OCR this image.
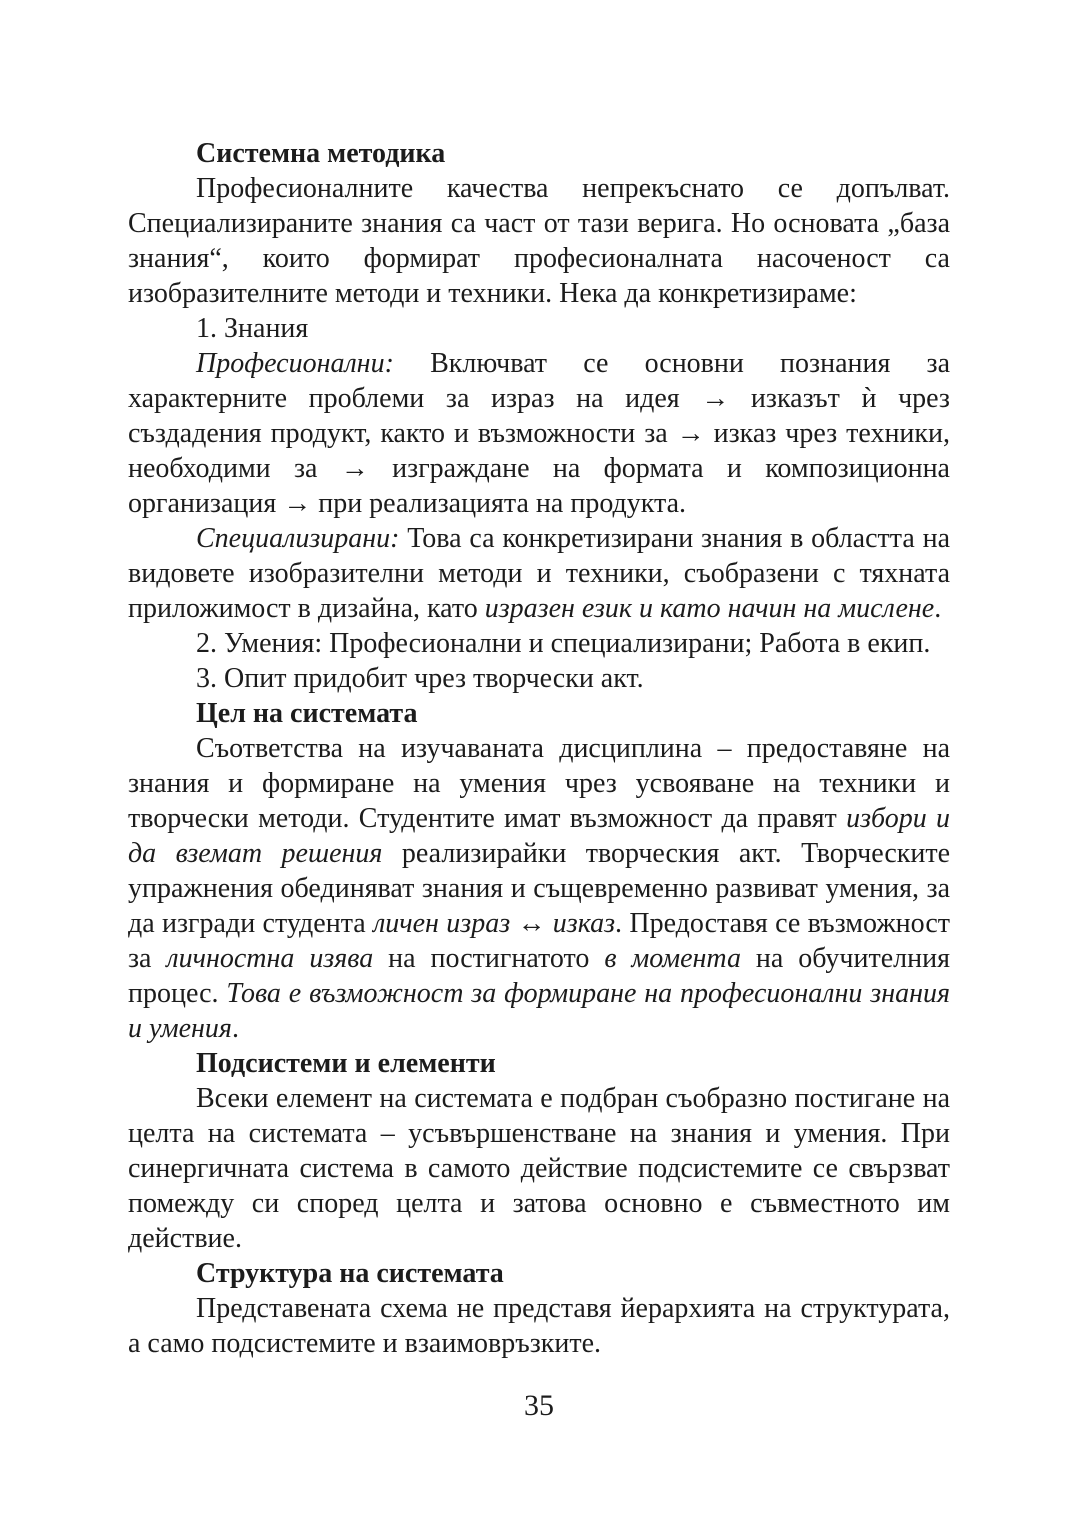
Системна методика

Професионалните качества непрекъснато се допълват. Специализираните знания са част от тази верига. Но основата „база знания“, които формират професионалната насоченост са изобразителните методи и техники. Нека да конкретизираме:

1. Знания

Професионални: Включват се основни познания за характерните проблеми за израз на идея → изказът ѝ чрез създадения продукт, както и възможности за → изказ чрез техники, необходими за → изграждане на формата и композиционна организация → при реализацията на продукта.

Специализирани: Това са конкретизирани знания в областта на видовете изобразителни методи и техники, съобразени с тяхната приложимост в дизайна, като изразен език и като начин на мислене.

2. Умения: Професионални и специализирани; Работа в екип.

3. Опит придобит чрез творчески акт.

Цел на системата

Съответства на изучаваната дисциплина – предоставяне на знания и формиране на умения чрез усвояване на техники и творчески методи. Студентите имат възможност да правят избори и да вземат решения реализирайки творческия акт. Творческите упражнения обединяват знания и същевременно развиват умения, за да изгради студента личен израз ↔ изказ. Предоставя се възможност за личностна изява на постигнатото в момента на обучителния процес. Това е възможност за формиране на професионални знания и умения.

Подсистеми и елементи

Всеки елемент на системата е подбран съобразно постигане на целта на системата – усъвършенстване на знания и умения. При синергичната система в самото действие подсистемите се свързват помежду си според целта и затова основно е съвместното им действие.

Структура на системата

Представената схема не представя йерархията на структурата, а само подсистемите и взаимовръзките.

35
